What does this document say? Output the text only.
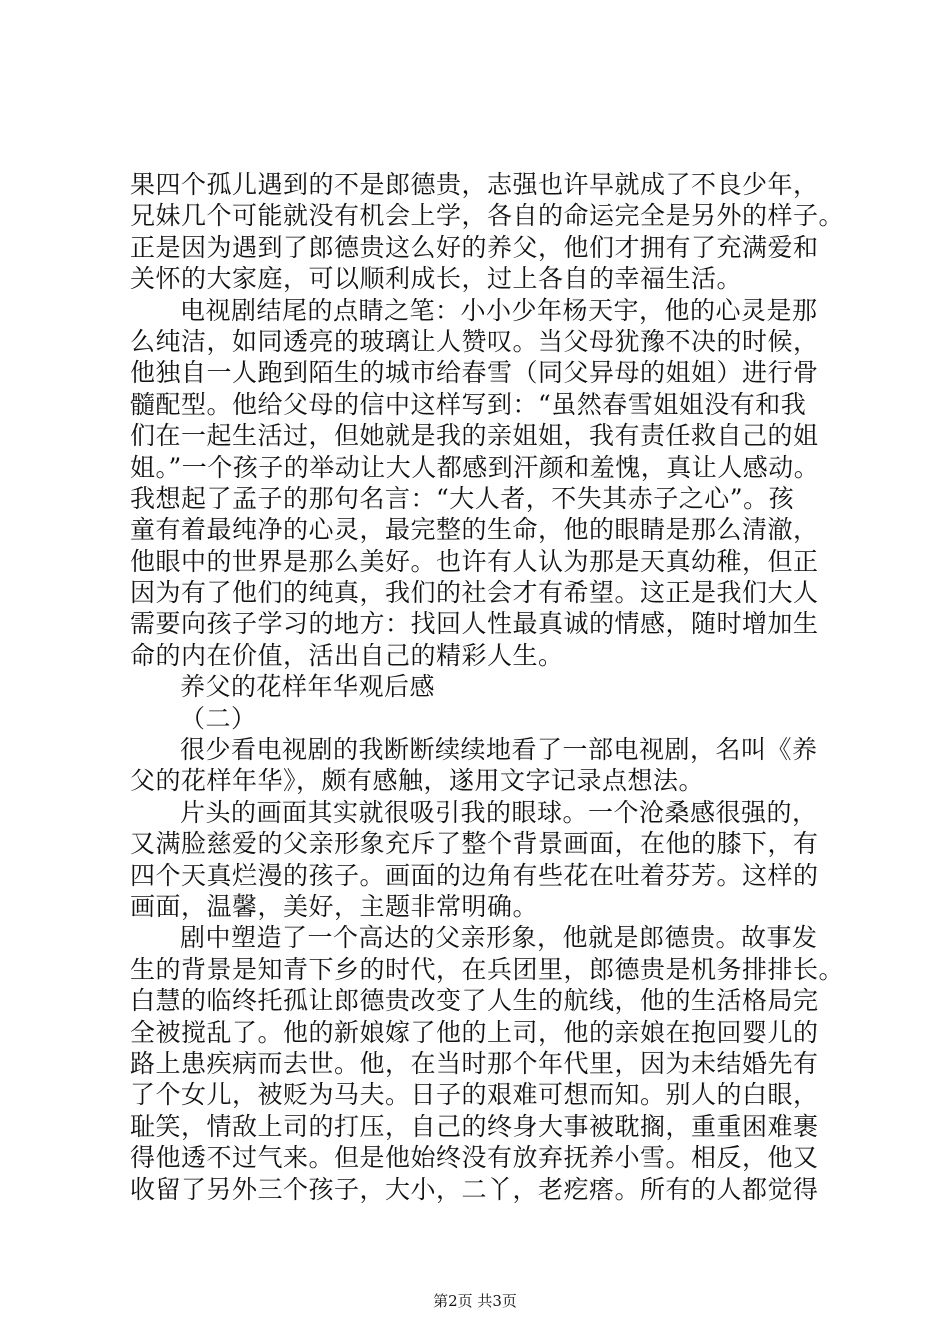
果四个孤儿遇到的不是郎德贵，志强也许早就成了不良少年，
兄妹几个可能就没有机会上学，各自的命运完全是另外的样子。
正是因为遇到了郎德贵这么好的养父，他们才拥有了充满爱和
关怀的大家庭，可以顺利成长，过上各自的幸福生活。
电视剧结尾的点睛之笔：小小少年杨天宇，他的心灵是那
么纯洁，如同透亮的玻璃让人赞叹。当父母犹豫不决的时候，
他独自一人跑到陌生的城市给春雪（同父异母的姐姐）进行骨
髓配型。他给父母的信中这样写到：“虽然春雪姐姐没有和我
们在一起生活过，但她就是我的亲姐姐，我有责任救自己的姐
姐。”一个孩子的举动让大人都感到汗颜和羞愧，真让人感动。
我想起了孟子的那句名言：“大人者，不失其赤子之心”。孩
童有着最纯净的心灵，最完整的生命，他的眼睛是那么清澈，
他眼中的世界是那么美好。也许有人认为那是天真幼稚，但正
因为有了他们的纯真，我们的社会才有希望。这正是我们大人
需要向孩子学习的地方：找回人性最真诚的情感，随时增加生
命的内在价值，活出自己的精彩人生。
养父的花样年华观后感
（二）
很少看电视剧的我断断续续地看了一部电视剧，名叫《养
父的花样年华》，颇有感触，遂用文字记录点想法。
片头的画面其实就很吸引我的眼球。一个沧桑感很强的，
又满脸慈爱的父亲形象充斥了整个背景画面，在他的膝下，有
四个天真烂漫的孩子。画面的边角有些花在吐着芬芳。这样的
画面，温馨，美好，主题非常明确。
剧中塑造了一个高达的父亲形象，他就是郎德贵。故事发
生的背景是知青下乡的时代，在兵团里，郎德贵是机务排排长。
白慧的临终托孤让郎德贵改变了人生的航线，他的生活格局完
全被搅乱了。他的新娘嫁了他的上司，他的亲娘在抱回婴儿的
路上患疾病而去世。他，在当时那个年代里，因为未结婚先有
了个女儿，被贬为马夫。日子的艰难可想而知。别人的白眼，
耻笑，情敌上司的打压，自己的终身大事被耽搁，重重困难裹
得他透不过气来。但是他始终没有放弃抚养小雪。相反，他又
收留了另外三个孩子，大小，二丫，老疙瘩。所有的人都觉得
第2页 共3页
